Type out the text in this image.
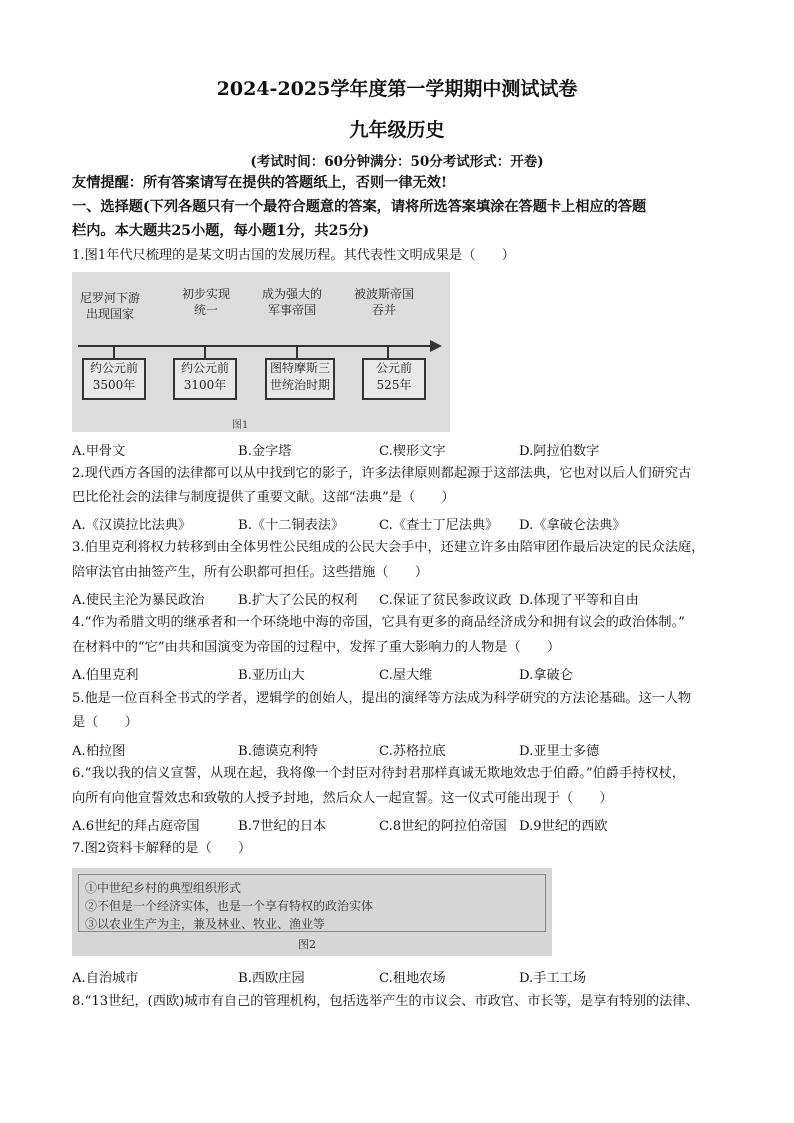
2024-2025学年度第一学期期中测试试卷
九年级历史
(考试时间：60分钟满分：50分考试形式：开卷)
友情提醒：所有答案请写在提供的答题纸上，否则一律无效!
一、选择题(下列各题只有一个最符合题意的答案，请将所选答案填涂在答题卡上相应的答题
栏内。本大题共25小题，每小题1分，共25分)
1.图1年代尺梳理的是某文明古国的发展历程。其代表性文明成果是（　　）
尼罗河下游
出现国家
初步实现
统一
成为强大的
军事帝国
被波斯帝国
吞并
约公元前
3500年
约公元前
3100年
图特摩斯三
世统治时期
公元前
525年
图1
A.甲骨文	B.金字塔	C.楔形文字	D.阿拉伯数字
2.现代西方各国的法律都可以从中找到它的影子，许多法律原则都起源于这部法典，它也对以后人们研究古
巴比伦社会的法律与制度提供了重要文献。这部“法典”是（　　）
A.《汉谟拉比法典》	B.《十二铜表法》	C.《查士丁尼法典》 D.《拿破仑法典》
3.伯里克利将权力转移到由全体男性公民组成的公民大会手中，还建立许多由陪审团作最后决定的民众法庭，
陪审法官由抽签产生，所有公职都可担任。这些措施（　　）
A.使民主沦为暴民政治	B.扩大了公民的权利 C.保证了贫民参政议政 D.体现了平等和自由
4.“作为希腊文明的继承者和一个环绕地中海的帝国，它具有更多的商品经济成分和拥有议会的政治体制。”
在材料中的“它”由共和国演变为帝国的过程中，发挥了重大影响力的人物是（　　）
A.伯里克利	B.亚历山大	C.屋大维	D.拿破仑
5.他是一位百科全书式的学者，逻辑学的创始人，提出的演绎等方法成为科学研究的方法论基础。这一人物
是（　　）
A.柏拉图	B.德谟克利特	C.苏格拉底	D.亚里士多德
6.“我以我的信义宣誓，从现在起，我将像一个封臣对待封君那样真诚无欺地效忠于伯爵。”伯爵手持权杖，
向所有向他宣誓效忠和致敬的人授予封地，然后众人一起宣誓。这一仪式可能出现于（　　）
A.6世纪的拜占庭帝国	B.7世纪的日本	C.8世纪的阿拉伯帝国 D.9世纪的西欧
7.图2资料卡解释的是（　　）
①中世纪乡村的典型组织形式
②不但是一个经济实体，也是一个享有特权的政治实体
③以农业生产为主，兼及林业、牧业、渔业等
图2
A.自治城市	B.西欧庄园	C.租地农场	D.手工工场
8.“13世纪，(西欧)城市有自己的管理机构，包括选举产生的市议会、市政官、市长等，是享有特别的法律、
